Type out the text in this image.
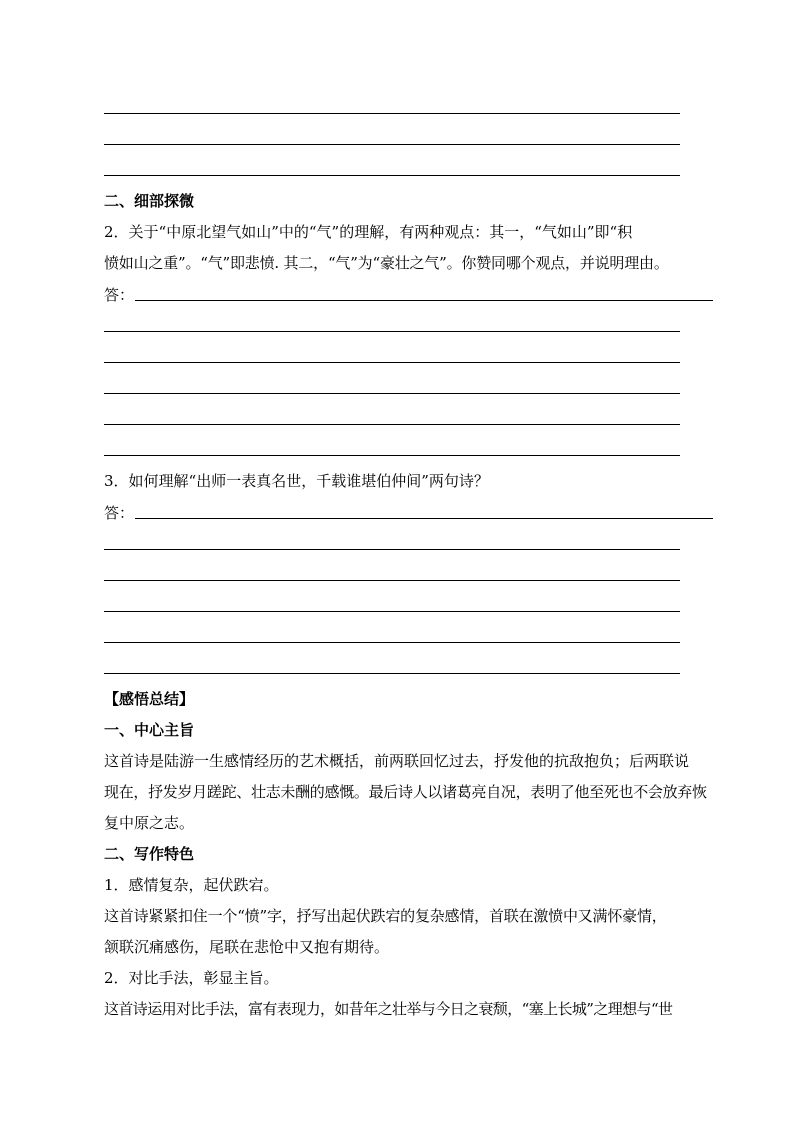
二、细部探微
2．关于“中原北望气如山”中的“气”的理解，有两种观点：其一，“气如山”即“积
愤如山之重”。“气”即悲愤. 其二，“气”为“豪壮之气”。你赞同哪个观点，并说明理由。
答：
3．如何理解“出师一表真名世，千载谁堪伯仲间”两句诗？
答：
【感悟总结】
一、中心主旨
这首诗是陆游一生感情经历的艺术概括，前两联回忆过去，抒发他的抗敌抱负；后两联说
现在，抒发岁月蹉跎、壮志未酬的感慨。最后诗人以诸葛亮自况，表明了他至死也不会放弃恢
复中原之志。
二、写作特色
1．感情复杂，起伏跌宕。
这首诗紧紧扣住一个“愤”字，抒写出起伏跌宕的复杂感情，首联在激愤中又满怀豪情，
颔联沉痛感伤，尾联在悲怆中又抱有期待。
2．对比手法，彰显主旨。
这首诗运用对比手法，富有表现力，如昔年之壮举与今日之衰颓，“塞上长城”之理想与“世
